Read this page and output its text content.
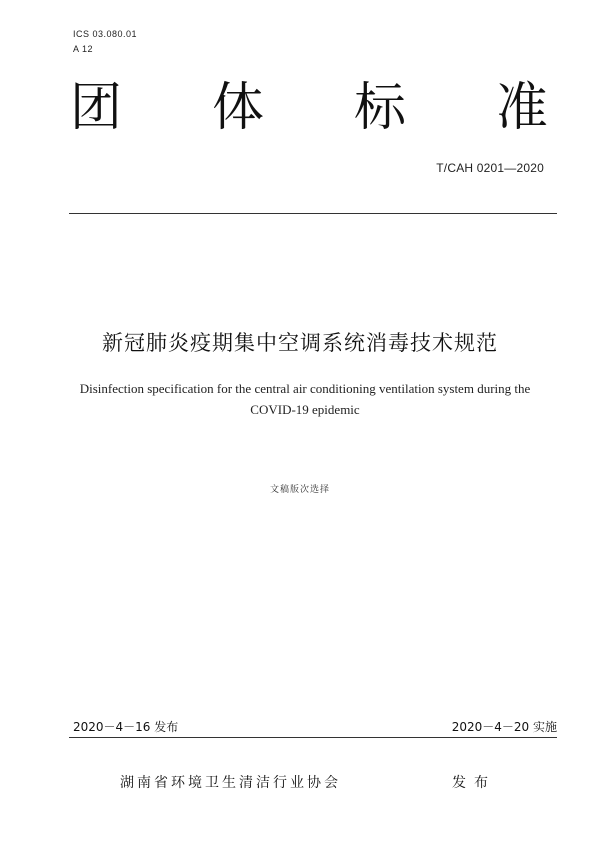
ICS 03.080.01
A 12
团 体 标 准
T/CAH 0201—2020
新冠肺炎疫期集中空调系统消毒技术规范
Disinfection specification for the central air conditioning ventilation system during the COVID-19 epidemic
文稿版次选择
2020－4－16 发布	2020－4－20 实施
湖南省环境卫生清洁行业协会	发布
